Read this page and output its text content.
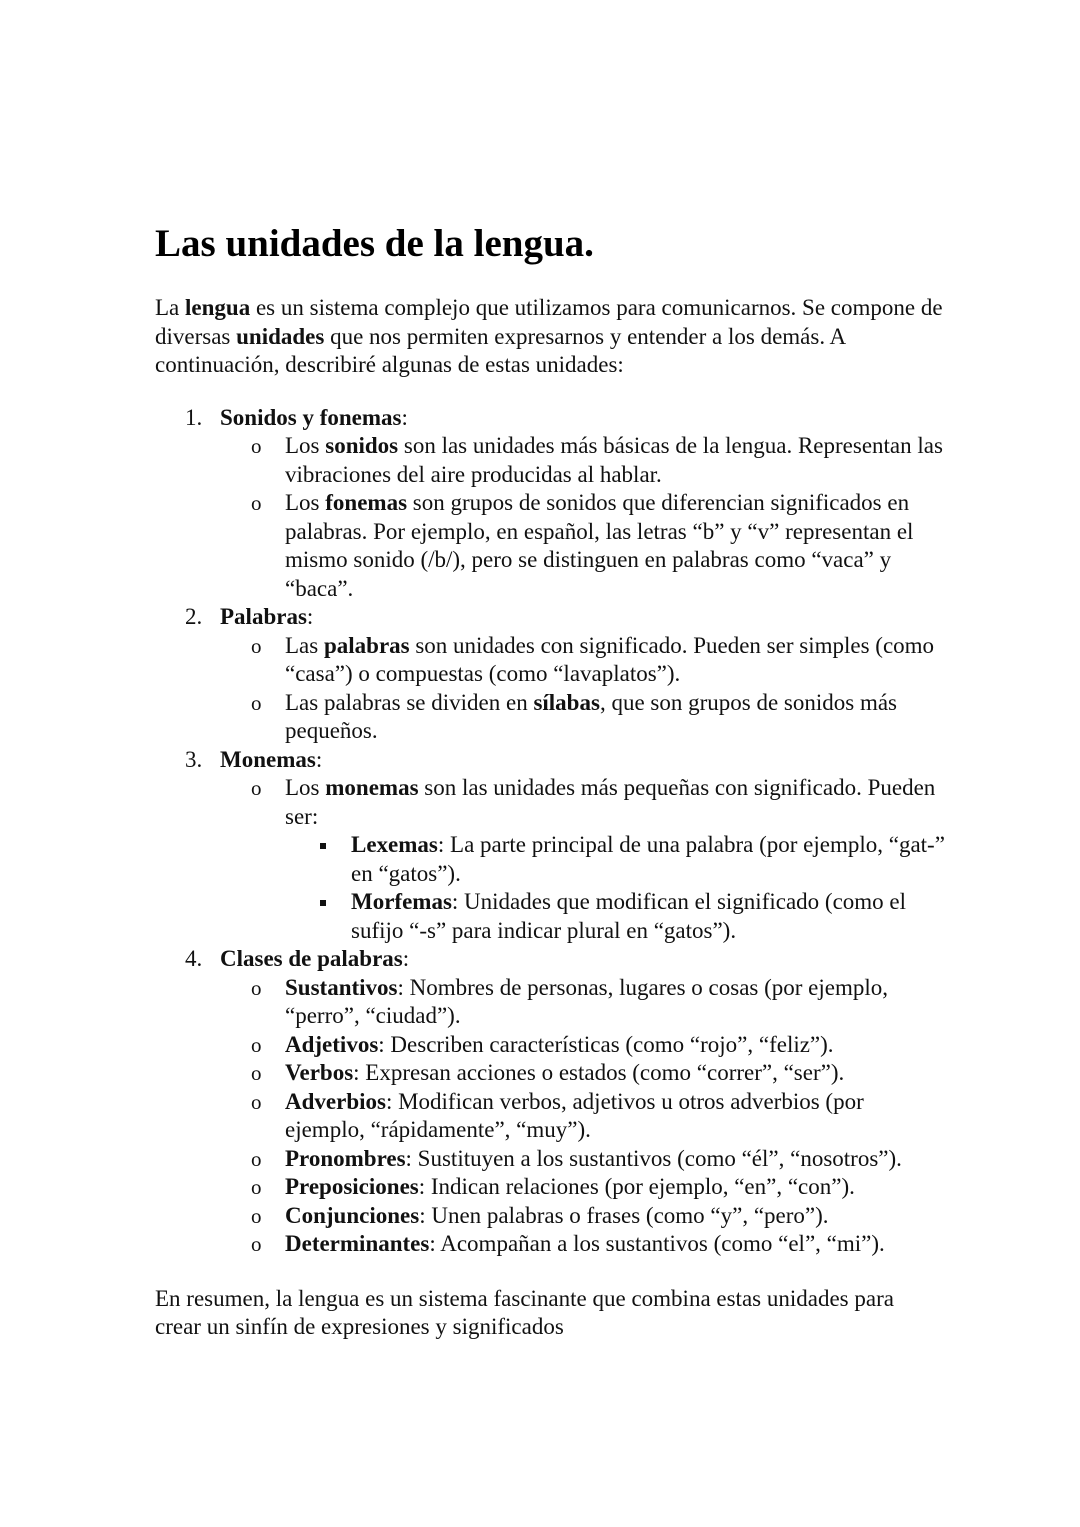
Las unidades de la lengua.

La lengua es un sistema complejo que utilizamos para comunicarnos. Se compone de diversas unidades que nos permiten expresarnos y entender a los demás. A continuación, describiré algunas de estas unidades:

1. Sonidos y fonemas:
o Los sonidos son las unidades más básicas de la lengua. Representan las vibraciones del aire producidas al hablar.
o Los fonemas son grupos de sonidos que diferencian significados en palabras. Por ejemplo, en español, las letras “b” y “v” representan el mismo sonido (/b/), pero se distinguen en palabras como “vaca” y “baca”.
2. Palabras:
o Las palabras son unidades con significado. Pueden ser simples (como “casa”) o compuestas (como “lavaplatos”).
o Las palabras se dividen en sílabas, que son grupos de sonidos más pequeños.
3. Monemas:
o Los monemas son las unidades más pequeñas con significado. Pueden ser:
Lexemas: La parte principal de una palabra (por ejemplo, “gat-” en “gatos”).
Morfemas: Unidades que modifican el significado (como el sufijo “-s” para indicar plural en “gatos”).
4. Clases de palabras:
o Sustantivos: Nombres de personas, lugares o cosas (por ejemplo, “perro”, “ciudad”).
o Adjetivos: Describen características (como “rojo”, “feliz”).
o Verbos: Expresan acciones o estados (como “correr”, “ser”).
o Adverbios: Modifican verbos, adjetivos u otros adverbios (por ejemplo, “rápidamente”, “muy”).
o Pronombres: Sustituyen a los sustantivos (como “él”, “nosotros”).
o Preposiciones: Indican relaciones (por ejemplo, “en”, “con”).
o Conjunciones: Unen palabras o frases (como “y”, “pero”).
o Determinantes: Acompañan a los sustantivos (como “el”, “mi”).

En resumen, la lengua es un sistema fascinante que combina estas unidades para crear un sinfín de expresiones y significados
